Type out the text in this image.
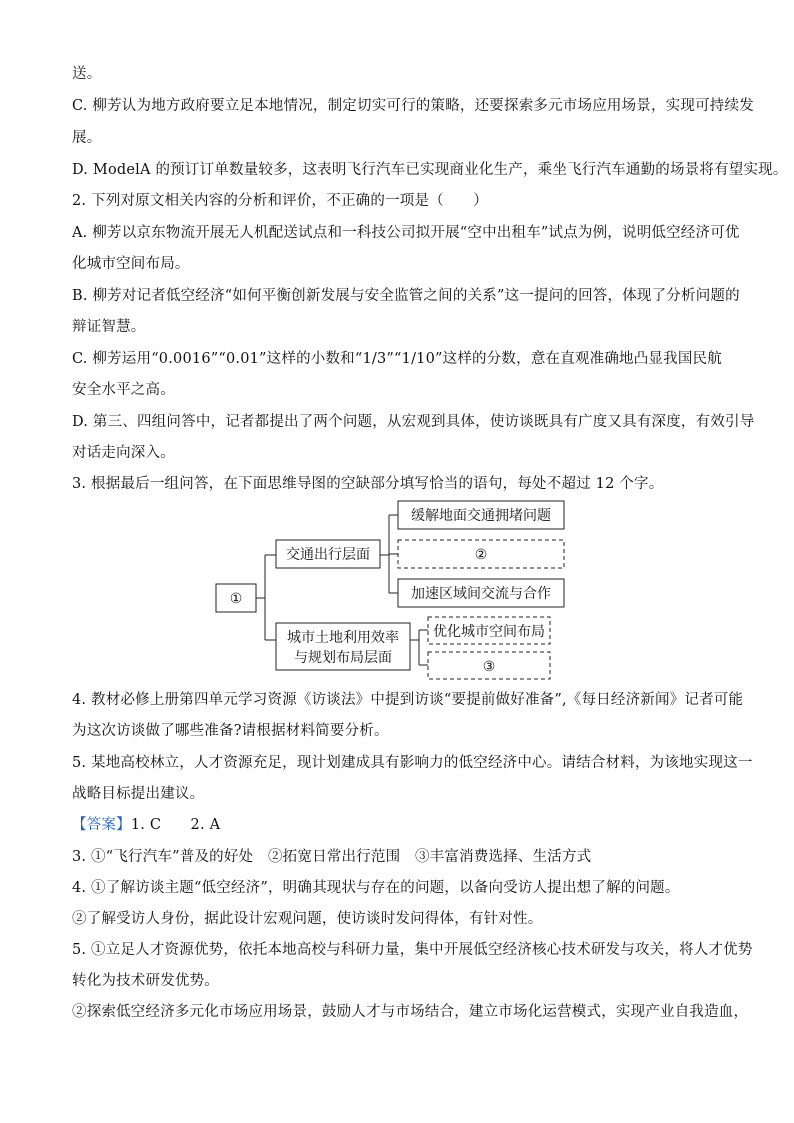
送。
C. 柳芳认为地方政府要立足本地情况，制定切实可行的策略，还要探索多元市场应用场景，实现可持续发
展。
D. ModelA 的预订订单数量较多，这表明飞行汽车已实现商业化生产，乘坐飞行汽车通勤的场景将有望实现。
2. 下列对原文相关内容的分析和评价，不正确的一项是（　　）
A. 柳芳以京东物流开展无人机配送试点和一科技公司拟开展“空中出租车”试点为例，说明低空经济可优
化城市空间布局。
B. 柳芳对记者低空经济“如何平衡创新发展与安全监管之间的关系”这一提问的回答，体现了分析问题的
辩证智慧。
C. 柳芳运用“0.0016”“0.01”这样的小数和“1/3”“1/10”这样的分数，意在直观准确地凸显我国民航
安全水平之高。
D. 第三、四组问答中，记者都提出了两个问题，从宏观到具体，使访谈既具有广度又具有深度，有效引导
对话走向深入。
3. 根据最后一组问答，在下面思维导图的空缺部分填写恰当的语句，每处不超过 12 个字。
①
交通出行层面
缓解地面交通拥堵问题
②
加速区域间交流与合作
城市土地利用效率
与规划布局层面
优化城市空间布局
③
4. 教材必修上册第四单元学习资源《访谈法》中提到访谈“要提前做好准备”,《每日经济新闻》记者可能
为这次访谈做了哪些准备?请根据材料简要分析。
5. 某地高校林立，人才资源充足，现计划建成具有影响力的低空经济中心。请结合材料，为该地实现这一
战略目标提出建议。
【答案】1. C　　2. A
3. ①“飞行汽车”普及的好处　②拓宽日常出行范围　③丰富消费选择、生活方式
4. ①了解访谈主题“低空经济”，明确其现状与存在的问题，以备向受访人提出想了解的问题。
②了解受访人身份，据此设计宏观问题，使访谈时发问得体，有针对性。
5. ①立足人才资源优势，依托本地高校与科研力量，集中开展低空经济核心技术研发与攻关，将人才优势
转化为技术研发优势。
②探索低空经济多元化市场应用场景，鼓励人才与市场结合，建立市场化运营模式，实现产业自我造血，
